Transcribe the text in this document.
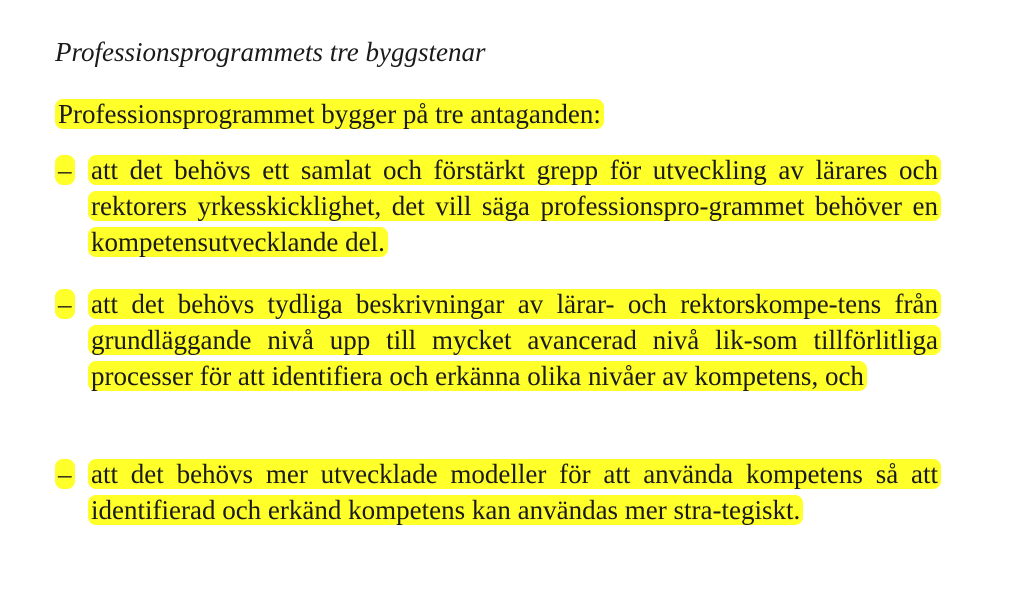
Professionsprogrammets tre byggstenar
Professionsprogrammet bygger på tre antaganden:
– att det behövs ett samlat och förstärkt grepp för utveckling av lärares och rektorers yrkesskicklighet, det vill säga professionspro-grammet behöver en kompetensutvecklande del.
– att det behövs tydliga beskrivningar av lärar- och rektorskompe-tens från grundläggande nivå upp till mycket avancerad nivå lik-som tillförlitliga processer för att identifiera och erkänna olika nivåer av kompetens, och
– att det behövs mer utvecklade modeller för att använda kompetens så att identifierad och erkänd kompetens kan användas mer stra-tegiskt.
